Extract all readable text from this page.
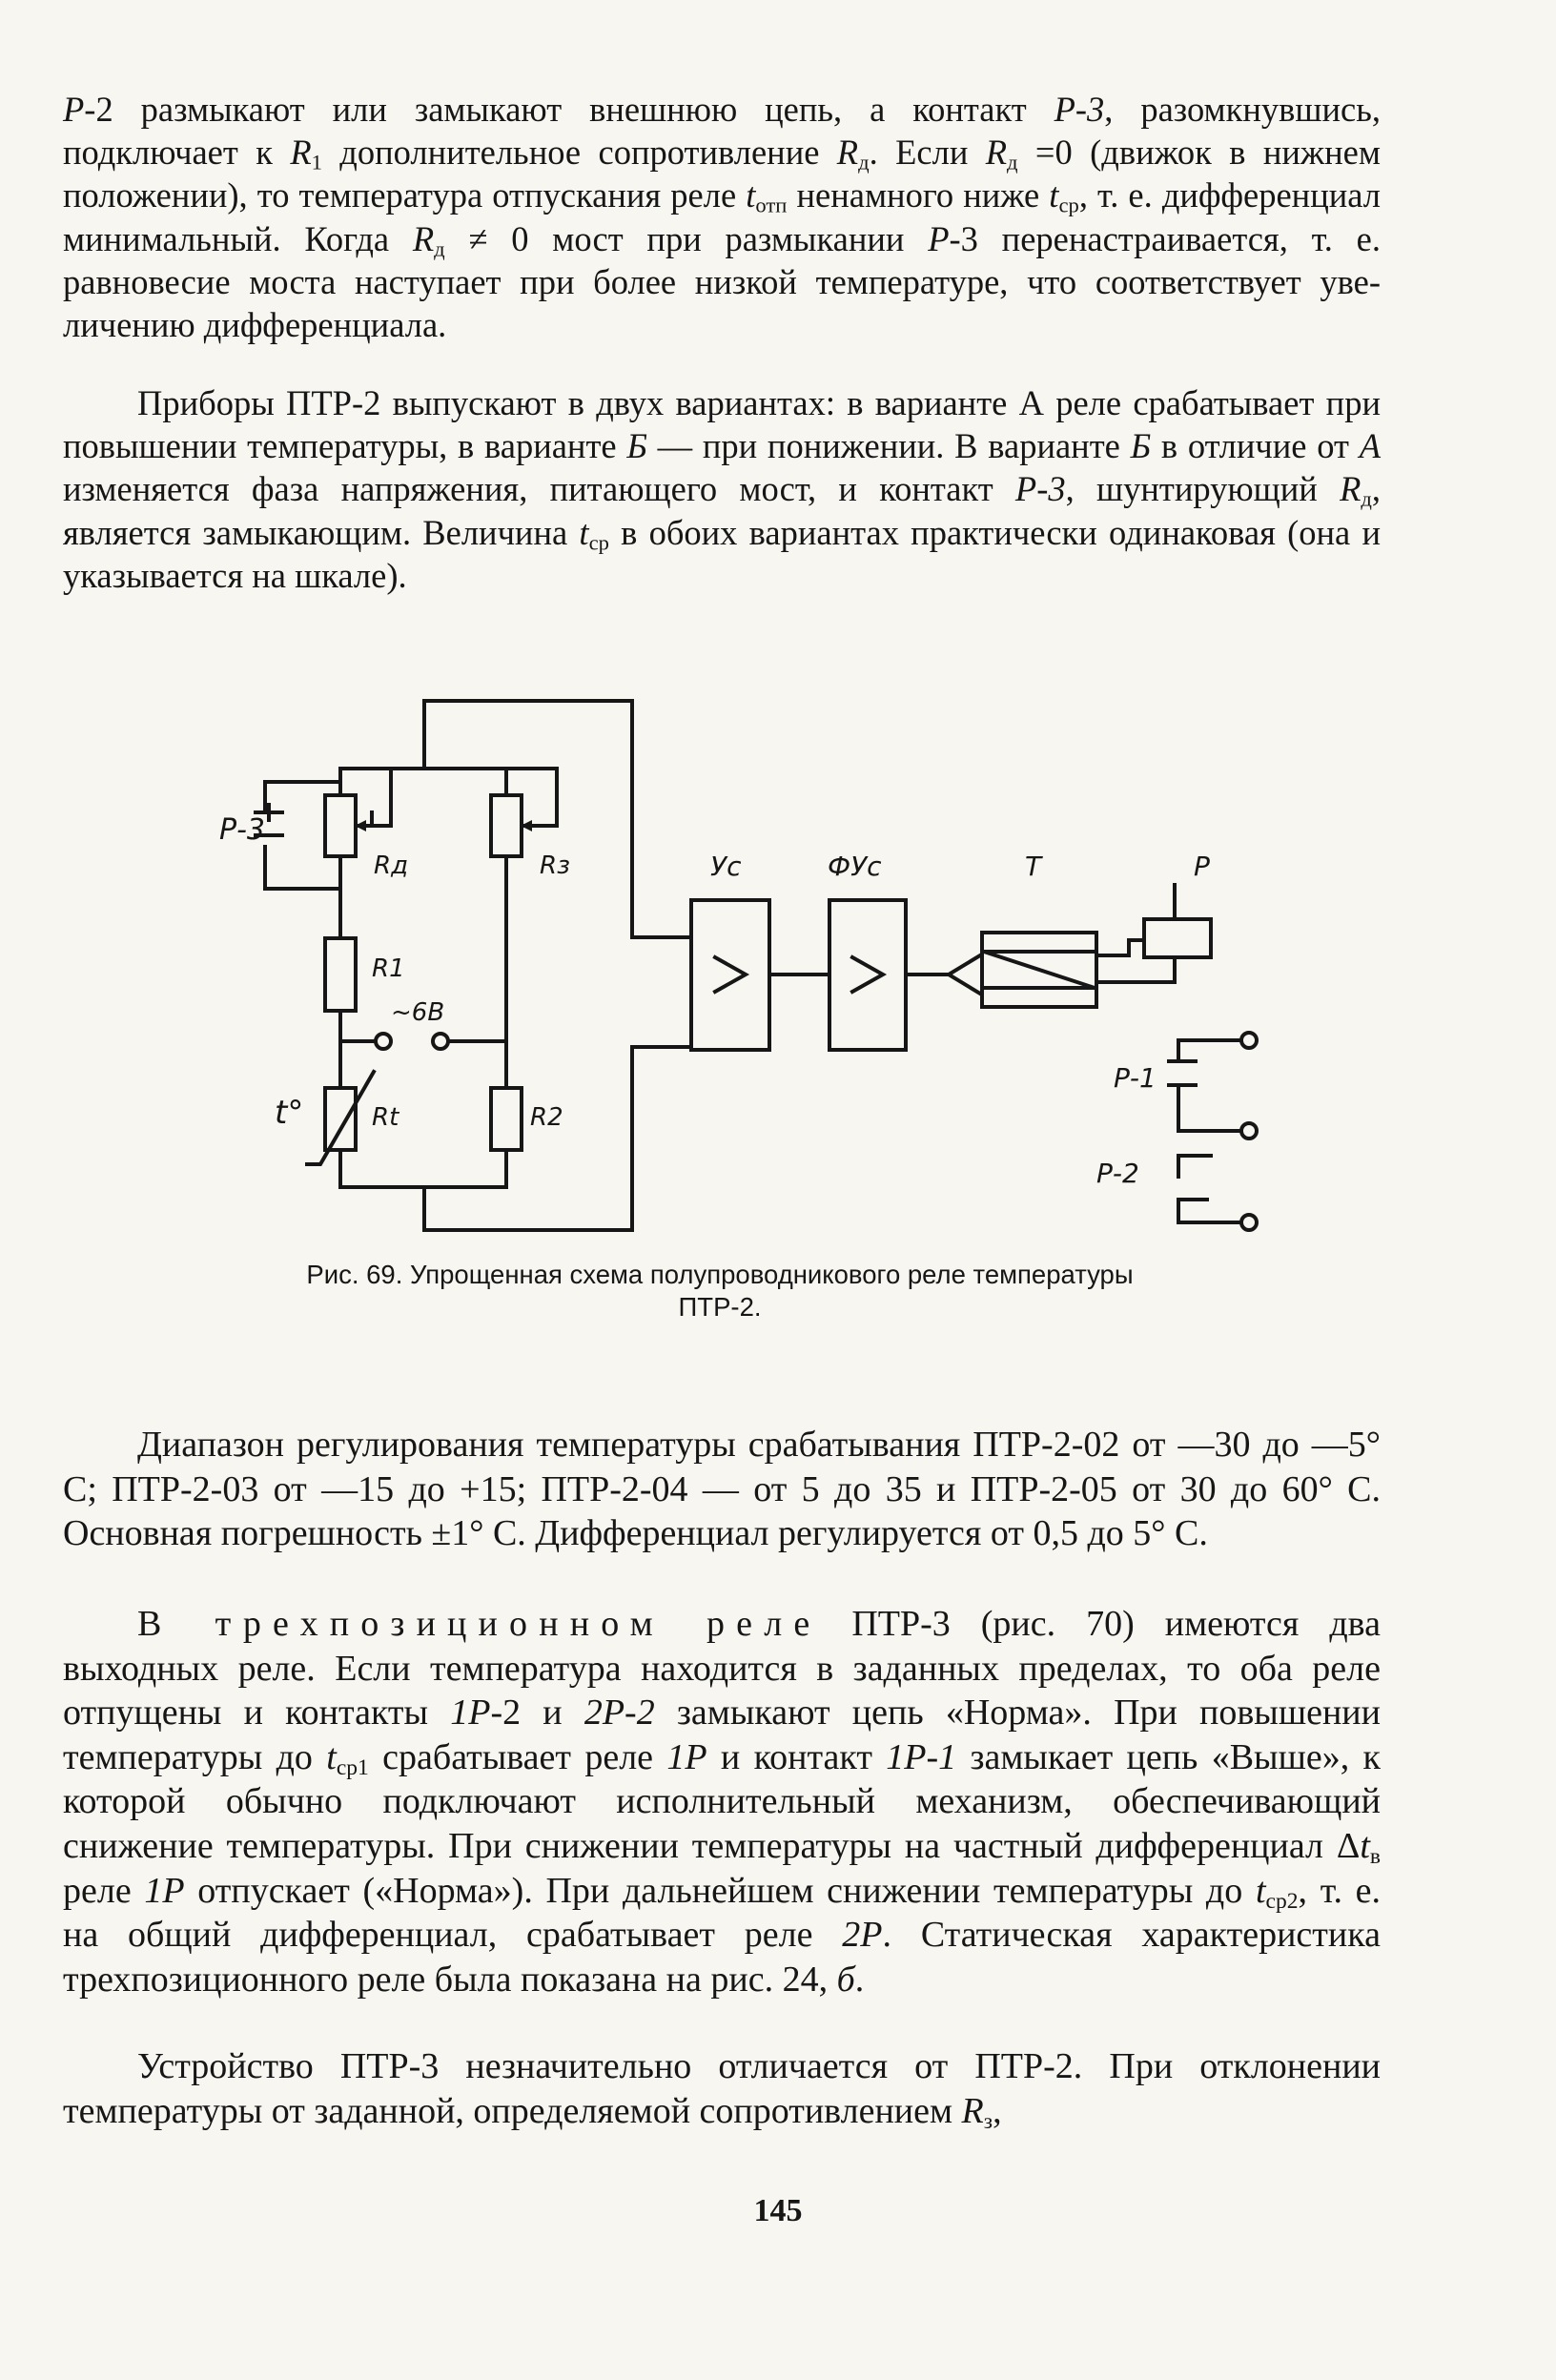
Р-2 размыкают или замыкают внешнюю цепь, а контакт Р-3, разомкнувшись, подключает к $R_1$ дополнительное сопротивление $R_д$. Если $R_д =0$ (движок в нижнем положении), то температура отпускания реле $t_{отп}$ ненамного ниже $t_{ср}$, т. е. дифференциал минимальный. Когда $R_д \ne 0$ мост при размыкании Р-3 перенастраивается, т. е. равновесие моста наступает при более низкой температуре, что соответствует увеличению дифференциала.

Приборы ПТР-2 выпускают в двух вариантах: в варианте А реле срабатывает при повышении температуры, в варианте Б — при понижении. В варианте Б в отличие от А изменяется фаза напряжения, питающего мост, и контакт Р-3, шунтирующий $R_д$, является замыкающим. Величина $t_{ср}$ в обоих вариантах практически одинаковая (она и указывается на шкале).

Р-3
Rд	Rз
R1
~6В
t°	Rt	R2
Ус	ФУс	Т	Р
Р-1
Р-2
Рис. 69. Упрощенная схема полупроводникового реле температуры
ПТР-2.

Диапазон регулирования температуры срабатывания ПТР-2-02 от —30 до —5° С; ПТР-2-03 от —15 до +15; ПТР-2-04 — от 5 до 35 и ПТР-2-05 от 30 до 60° С. Основная погрешность ±1° С. Дифференциал регулируется от 0,5 до 5° С.

В трехпозиционном реле ПТР-3 (рис. 70) имеются два выходных реле. Если температура находится в заданных пределах, то оба реле отпущены и контакты 1Р-2 и 2Р-2 замыкают цепь «Норма». При повышении температуры до $t_{ср1}$ срабатывает реле 1Р и контакт 1Р-1 замыкает цепь «Выше», к которой обычно подключают исполнительный механизм, обеспечивающий снижение температуры. При снижении температуры на частный дифференциал $\Delta t_в$ реле 1Р отпускает («Норма»). При дальнейшем снижении температуры до $t_{ср2}$, т. е. на общий дифференциал, срабатывает реле 2Р. Статическая характеристика трехпозиционного реле была показана на рис. 24, б.

Устройство ПТР-3 незначительно отличается от ПТР-2. При отклонении температуры от заданной, определяемой сопротивлением $R_з$,

145
